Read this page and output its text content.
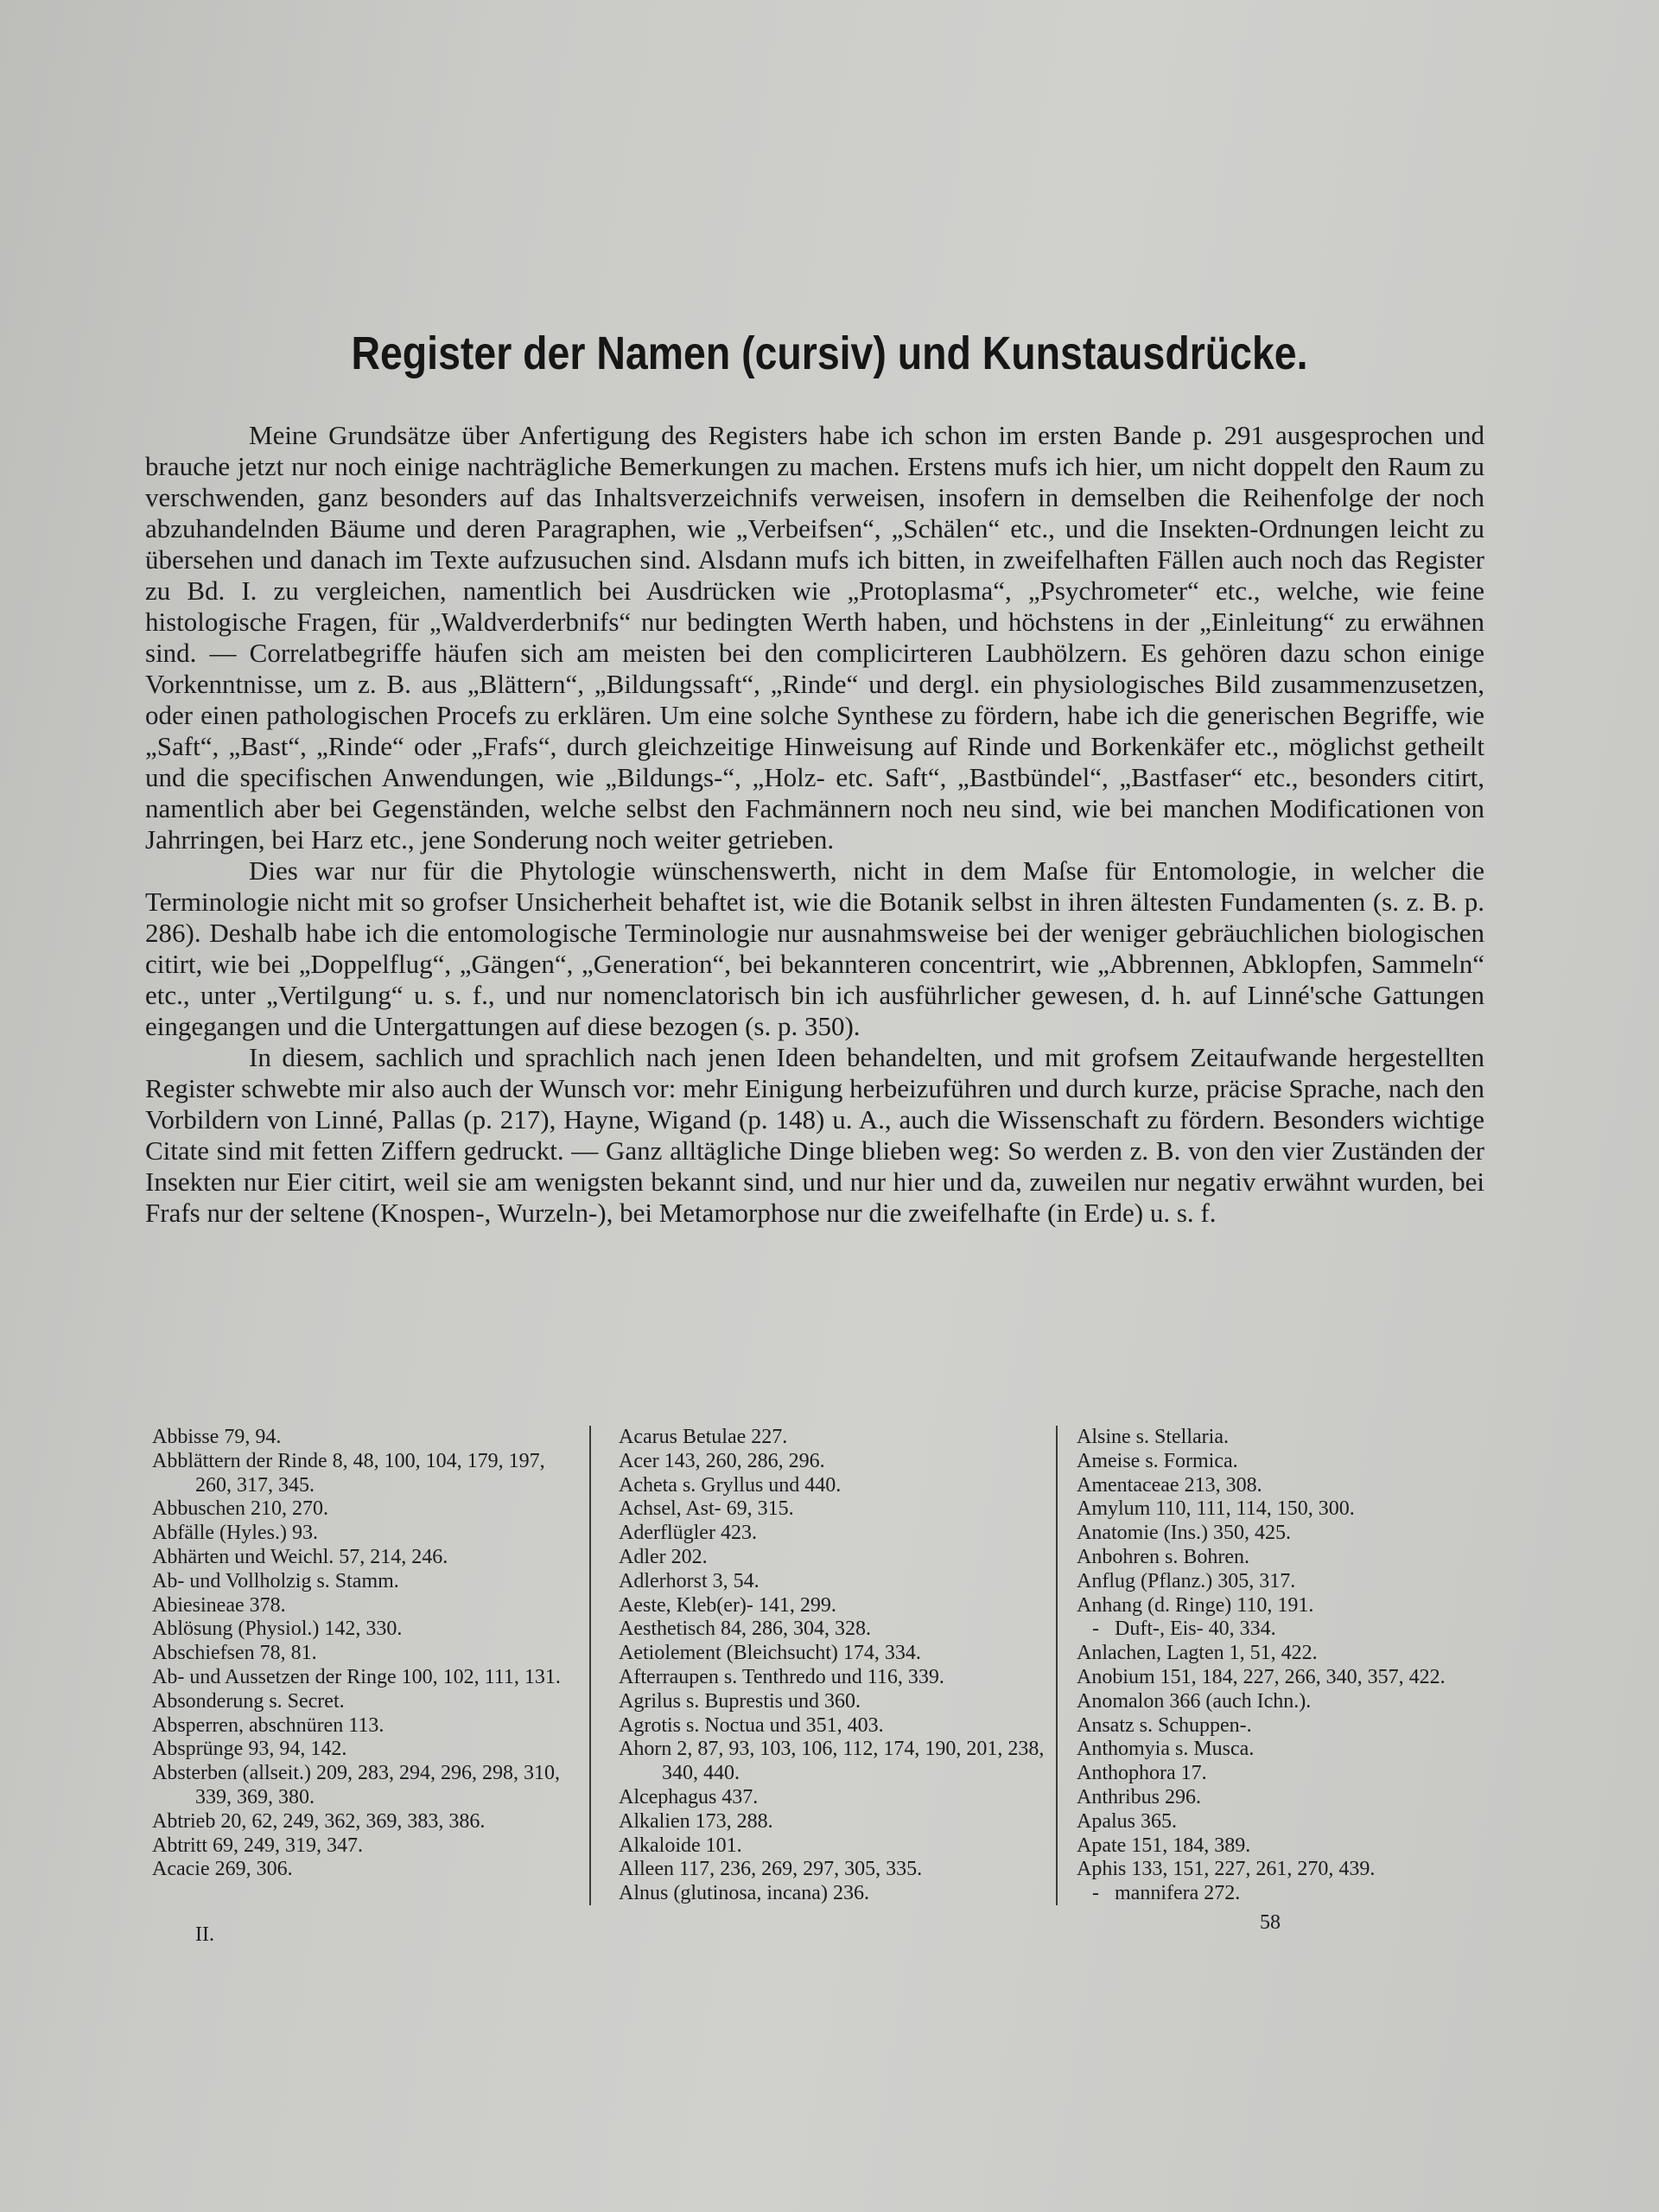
Register der Namen (cursiv) und Kunstausdrücke.

Meine Grundsätze über Anfertigung des Registers habe ich schon im ersten Bande p. 291 ausgesprochen und brauche jetzt nur noch einige nachträgliche Bemerkungen zu machen. Erstens mufs ich hier, um nicht doppelt den Raum zu verschwenden, ganz besonders auf das Inhaltsverzeichnifs verweisen, insofern in demselben die Reihenfolge der noch abzuhandelnden Bäume und deren Paragraphen, wie „Verbeifsen“, „Schälen“ etc., und die Insekten-Ordnungen leicht zu übersehen und danach im Texte aufzusuchen sind. Alsdann mufs ich bitten, in zweifelhaften Fällen auch noch das Register zu Bd. I. zu vergleichen, namentlich bei Ausdrücken wie „Protoplasma“, „Psychrometer“ etc., welche, wie feine histologische Fragen, für „Waldverderbnifs“ nur bedingten Werth haben, und höchstens in der „Einleitung“ zu erwähnen sind. — Correlatbegriffe häufen sich am meisten bei den complicirteren Laubhölzern. Es gehören dazu schon einige Vorkenntnisse, um z. B. aus „Blättern“, „Bildungssaft“, „Rinde“ und dergl. ein physiologisches Bild zusammenzusetzen, oder einen pathologischen Procefs zu erklären. Um eine solche Synthese zu fördern, habe ich die generischen Begriffe, wie „Saft“, „Bast“, „Rinde“ oder „Frafs“, durch gleichzeitige Hinweisung auf Rinde und Borkenkäfer etc., möglichst getheilt und die specifischen Anwendungen, wie „Bildungs-“, „Holz- etc. Saft“, „Bastbündel“, „Bastfaser“ etc., besonders citirt, namentlich aber bei Gegenständen, welche selbst den Fachmännern noch neu sind, wie bei manchen Modificationen von Jahrringen, bei Harz etc., jene Sonderung noch weiter getrieben.

Dies war nur für die Phytologie wünschenswerth, nicht in dem Maſse für Entomologie, in welcher die Terminologie nicht mit so grofser Unsicherheit behaftet ist, wie die Botanik selbst in ihren ältesten Fundamenten (s. z. B. p. 286). Deshalb habe ich die entomologische Terminologie nur ausnahmsweise bei der weniger gebräuchlichen biologischen citirt, wie bei „Doppelflug“, „Gängen“, „Generation“, bei bekannteren concentrirt, wie „Abbrennen, Abklopfen, Sammeln“ etc., unter „Vertilgung“ u. s. f., und nur nomenclatorisch bin ich ausführlicher gewesen, d. h. auf Linné'sche Gattungen eingegangen und die Untergattungen auf diese bezogen (s. p. 350).

In diesem, sachlich und sprachlich nach jenen Ideen behandelten, und mit grofsem Zeitaufwande hergestellten Register schwebte mir also auch der Wunsch vor: mehr Einigung herbeizuführen und durch kurze, präcise Sprache, nach den Vorbildern von Linné, Pallas (p. 217), Hayne, Wigand (p. 148) u. A., auch die Wissenschaft zu fördern. Besonders wichtige Citate sind mit fetten Ziffern gedruckt. — Ganz alltägliche Dinge blieben weg: So werden z. B. von den vier Zuständen der Insekten nur Eier citirt, weil sie am wenigsten bekannt sind, und nur hier und da, zuweilen nur negativ erwähnt wurden, bei Frafs nur der seltene (Knospen-, Wurzeln-), bei Metamorphose nur die zweifelhafte (in Erde) u. s. f.

Abbisse 79, 94.
Abblättern der Rinde 8, 48, 100, 104, 179, 197, 260, 317, 345.
Abbuschen 210, 270.
Abfälle (Hyles.) 93.
Abhärten und Weichl. 57, 214, 246.
Ab- und Vollholzig s. Stamm.
Abiesineae 378.
Ablösung (Physiol.) 142, 330.
Abschiefsen 78, 81.
Ab- und Aussetzen der Ringe 100, 102, 111, 131.
Absonderung s. Secret.
Absperren, abschnüren 113.
Absprünge 93, 94, 142.
Absterben (allseit.) 209, 283, 294, 296, 298, 310, 339, 369, 380.
Abtrieb 20, 62, 249, 362, 369, 383, 386.
Abtritt 69, 249, 319, 347.
Acacie 269, 306.
Acarus Betulae 227.
Acer 143, 260, 286, 296.
Acheta s. Gryllus und 440.
Achsel, Ast- 69, 315.
Aderflügler 423.
Adler 202.
Adlerhorst 3, 54.
Aeste, Kleb(er)- 141, 299.
Aesthetisch 84, 286, 304, 328.
Aetiolement (Bleichsucht) 174, 334.
Afterraupen s. Tenthredo und 116, 339.
Agrilus s. Buprestis und 360.
Agrotis s. Noctua und 351, 403.
Ahorn 2, 87, 93, 103, 106, 112, 174, 190, 201, 238, 340, 440.
Alcephagus 437.
Alkalien 173, 288.
Alkaloide 101.
Alleen 117, 236, 269, 297, 305, 335.
Alnus (glutinosa, incana) 236.
Alsine s. Stellaria.
Ameise s. Formica.
Amentaceae 213, 308.
Amylum 110, 111, 114, 150, 300.
Anatomie (Ins.) 350, 425.
Anbohren s. Bohren.
Anflug (Pflanz.) 305, 317.
Anhang (d. Ringe) 110, 191.
-   Duft-, Eis- 40, 334.
Anlachen, Lagten 1, 51, 422.
Anobium 151, 184, 227, 266, 340, 357, 422.
Anomalon 366 (auch Ichn.).
Ansatz s. Schuppen-.
Anthomyia s. Musca.
Anthophora 17.
Anthribus 296.
Apalus 365.
Apate 151, 184, 389.
Aphis 133, 151, 227, 261, 270, 439.
-   mannifera 272.
II.
58
